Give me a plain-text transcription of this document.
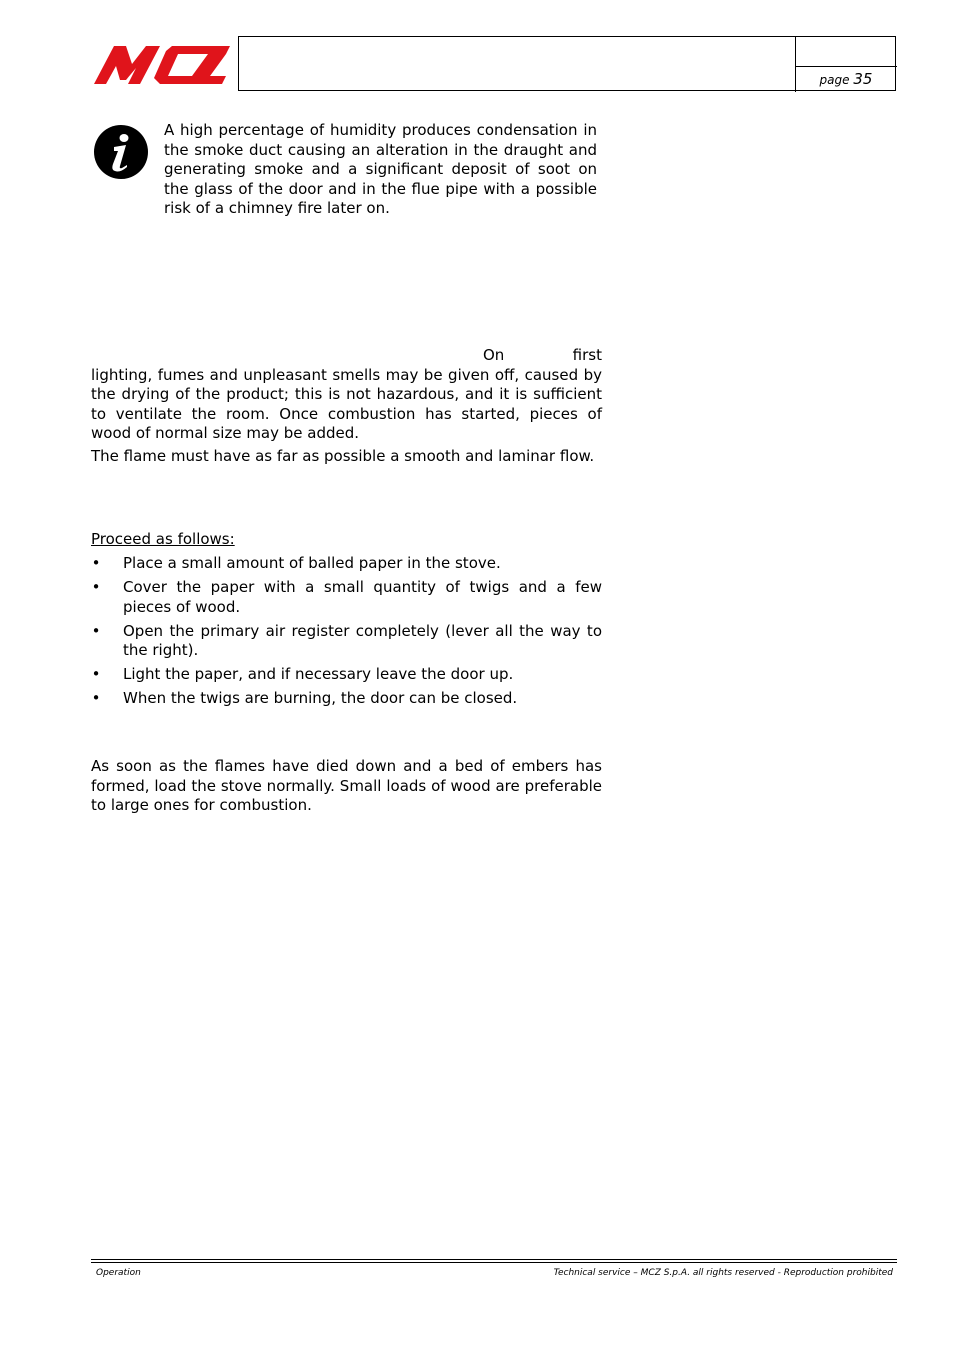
page 35

A high percentage of humidity produces condensation in the smoke duct causing an alteration in the draught and generating smoke and a significant deposit of soot on the glass of the door and in the flue pipe with a possible risk of a chimney fire later on.

On first lighting, fumes and unpleasant smells may be given off, caused by the drying of the product; this is not hazardous, and it is sufficient to ventilate the room. Once combustion has started, pieces of wood of normal size may be added.

The flame must have as far as possible a smooth and laminar flow.

Proceed as follows:

• Place a small amount of balled paper in the stove.
• Cover the paper with a small quantity of twigs and a few pieces of wood.
• Open the primary air register completely (lever all the way to the right).
• Light the paper, and if necessary leave the door up.
• When the twigs are burning, the door can be closed.

As soon as the flames have died down and a bed of embers has formed, load the stove normally. Small loads of wood are preferable to large ones for combustion.

Operation	Technical service – MCZ S.p.A. all rights reserved - Reproduction prohibited
